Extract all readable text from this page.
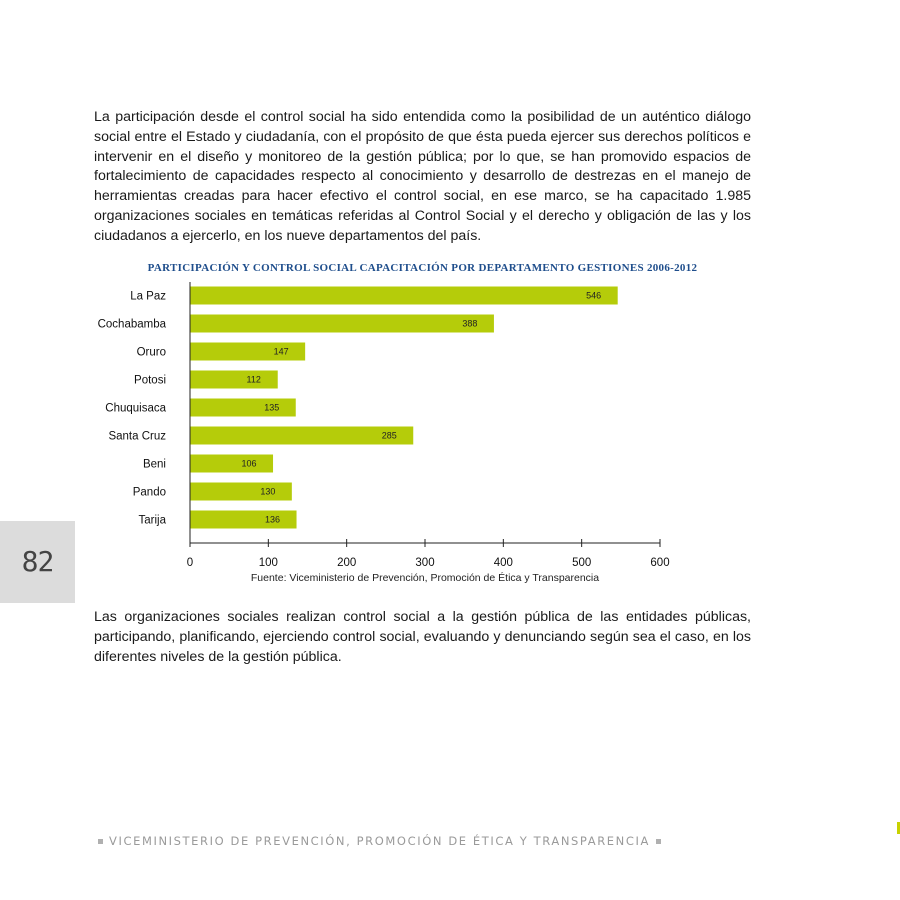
La participación desde el control social ha sido entendida como la posibilidad de un auténtico diálogo social entre el Estado y ciudadanía, con el propósito de que ésta pueda ejercer sus derechos políticos e intervenir en el diseño y monitoreo de la gestión pública; por lo que, se han promovido espacios de fortalecimiento de capacidades respecto al conocimiento y desarrollo de destrezas en el manejo de herramientas creadas para hacer efectivo el control social, en ese marco, se ha capacitado 1.985 organizaciones sociales en temáticas referidas al Control Social y el derecho y obligación de las y los ciudadanos a ejercerlo, en los nueve departamentos del país.

PARTICIPACIÓN Y CONTROL SOCIAL CAPACITACIÓN POR DEPARTAMENTO GESTIONES 2006-2012
La Paz	546
Cochabamba	388
Oruro	147
Potosi	112
Chuquisaca	135
Santa Cruz	285
Beni	106
Pando	130
Tarija	136
0	100	200	300	400	500	600
Fuente: Viceministerio de Prevención, Promoción de Ética y Transparencia

Las organizaciones sociales realizan control social a la gestión pública de las entidades públicas, participando, planificando, ejerciendo control social, evaluando y denunciando según sea el caso, en los diferentes niveles de la gestión pública.

82
VICEMINISTERIO DE PREVENCIÓN, PROMOCIÓN DE ÉTICA Y TRANSPARENCIA
